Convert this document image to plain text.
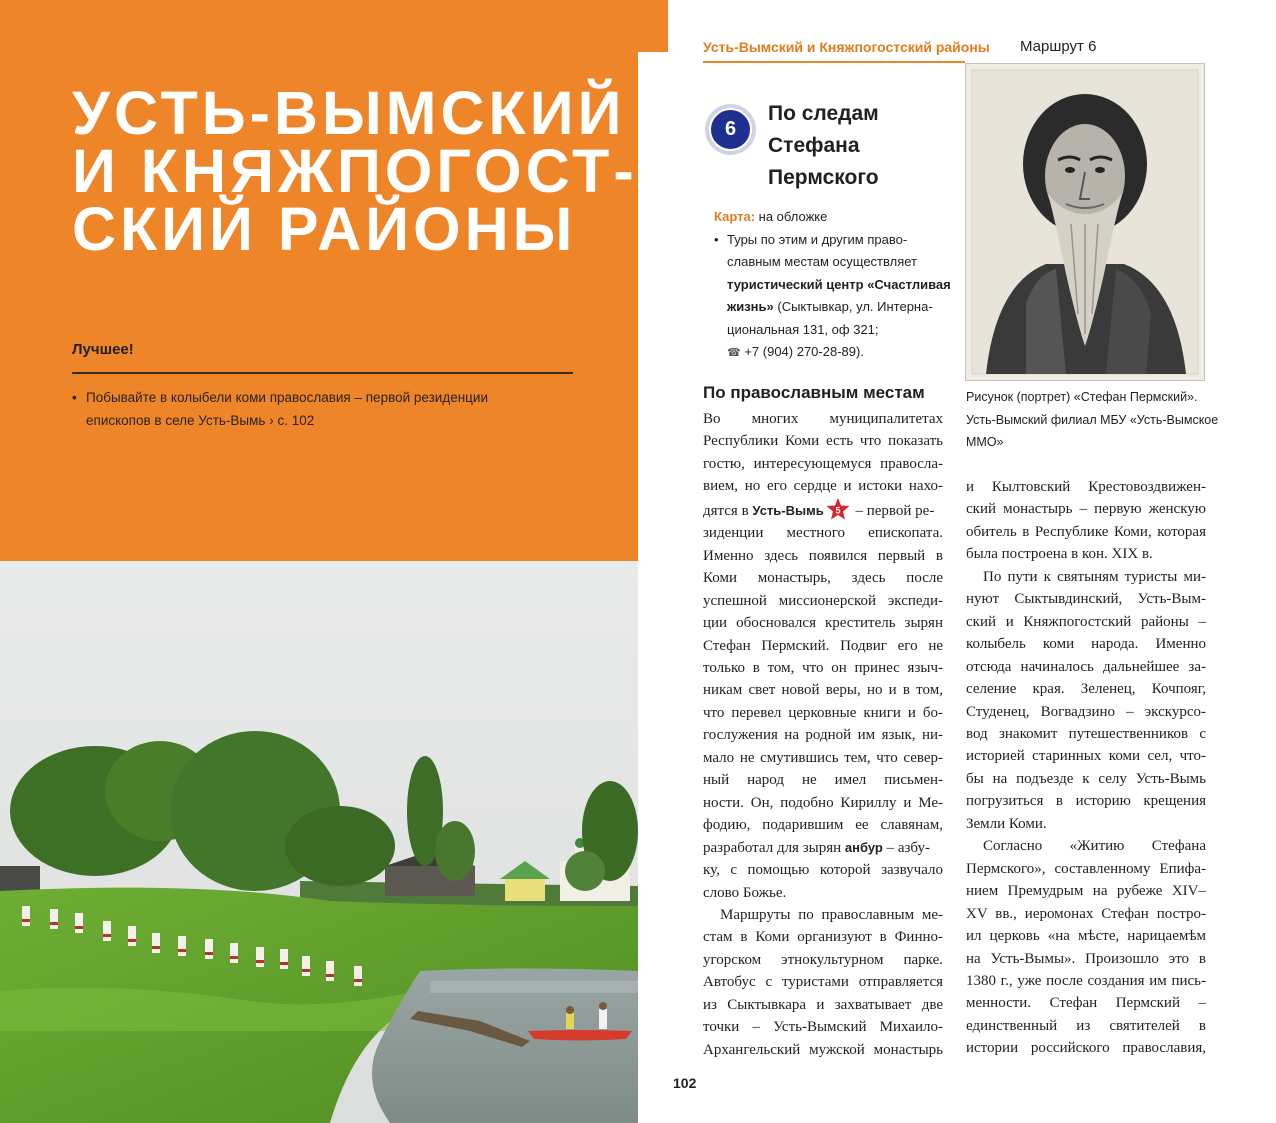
УСТЬ-ВЫМСКИЙ
И КНЯЖПОГОСТ-
СКИЙ РАЙОНЫ
Лучшее!
• Побывайте в колыбели коми православия – первой резиденции
епископов в селе Усть-Вымь › с. 102
Усть-Вымский и Княжпогостский районы Маршрут 6
6
По следам
Стефана
Пермского
Карта: на обложке
• Туры по этим и другим право-
славным местам осуществляет
туристический центр «Счастливая
жизнь» (Сыктывкар, ул. Интерна-
циональная 131, оф 321;
☎ +7 (904) 270-28-89).
Рисунок (портрет) «Стефан Пермский».
Усть-Вымский филиал МБУ «Усть-Вымское
ММО»
По православным местам
Во многих муниципалитетах
Республики Коми есть что показать
гостю, интересующемуся правосла-
вием, но его сердце и истоки нахо-
дятся в Усть-Вымь 5 – первой ре-
зиденции местного епископата.
Именно здесь появился первый в
Коми монастырь, здесь после
успешной миссионерской экспеди-
ции обосновался креститель зырян
Стефан Пермский. Подвиг его не
только в том, что он принес языч-
никам свет новой веры, но и в том,
что перевел церковные книги и бо-
гослужения на родной им язык, ни-
мало не смутившись тем, что север-
ный народ не имел письмен-
ности. Он, подобно Кириллу и Ме-
фодию, подарившим ее славянам,
разработал для зырян анбур – азбу-
ку, с помощью которой зазвучало
слово Божье.
Маршруты по православным ме-
стам в Коми организуют в Финно-
угорском этнокультурном парке.
Автобус с туристами отправляется
из Сыктывкара и захватывает две
точки – Усть-Вымский Михаило-
Архангельский мужской монастырь
и Кылтовский Крестовоздвижен-
ский монастырь – первую женскую
обитель в Республике Коми, которая
была построена в кон. XIX в.
По пути к святыням туристы ми-
нуют Сыктывдинский, Усть-Вым-
ский и Княжпогостский районы –
колыбель коми народа. Именно
отсюда начиналось дальнейшее за-
селение края. Зеленец, Кочпояг,
Студенец, Вогвадзино – экскурсо-
вод знакомит путешественников с
историей старинных коми сел, что-
бы на подъезде к селу Усть-Вымь
погрузиться в историю крещения
Земли Коми.
Согласно «Житию Стефана
Пермского», составленному Епифа-
нием Премудрым на рубеже XIV–
XV вв., иеромонах Стефан постро-
ил церковь «на мѣсте, нарицаемѣм
на Усть-Вымы». Произошло это в
1380 г., уже после создания им пись-
менности. Стефан Пермский –
единственный из святителей в
истории российского православия,
102
